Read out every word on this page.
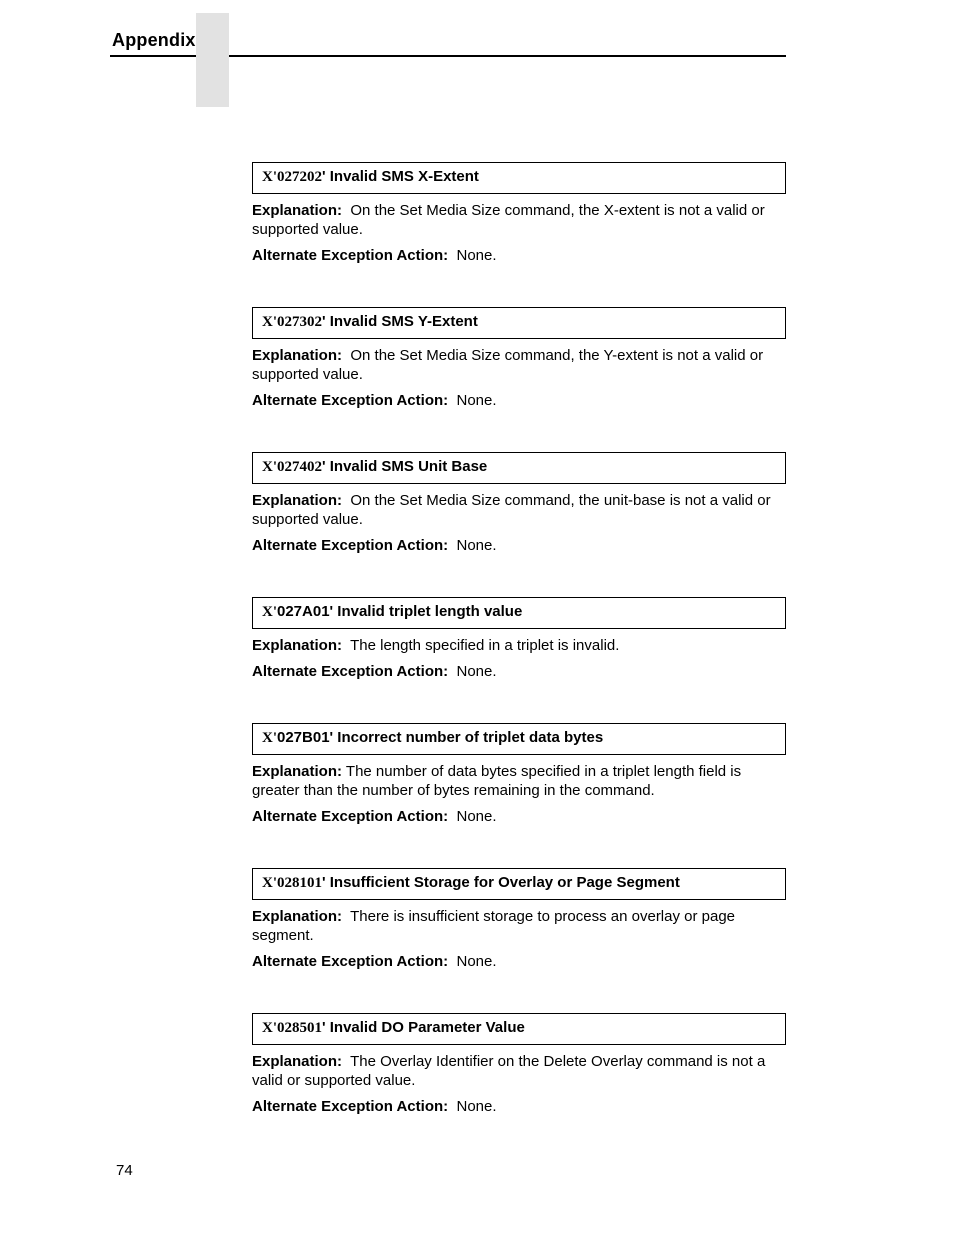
Appendix
X'027202' Invalid SMS X-Extent

Explanation: On the Set Media Size command, the X-extent is not a valid or supported value.

Alternate Exception Action: None.

X'027302' Invalid SMS Y-Extent

Explanation: On the Set Media Size command, the Y-extent is not a valid or supported value.

Alternate Exception Action: None.

X'027402' Invalid SMS Unit Base

Explanation: On the Set Media Size command, the unit-base is not a valid or supported value.

Alternate Exception Action: None.

X'027A01' Invalid triplet length value

Explanation: The length specified in a triplet is invalid.

Alternate Exception Action: None.

X'027B01' Incorrect number of triplet data bytes

Explanation: The number of data bytes specified in a triplet length field is greater than the number of bytes remaining in the command.

Alternate Exception Action: None.

X'028101' Insufficient Storage for Overlay or Page Segment

Explanation: There is insufficient storage to process an overlay or page segment.

Alternate Exception Action: None.

X'028501' Invalid DO Parameter Value

Explanation: The Overlay Identifier on the Delete Overlay command is not a valid or supported value.

Alternate Exception Action: None.

74
